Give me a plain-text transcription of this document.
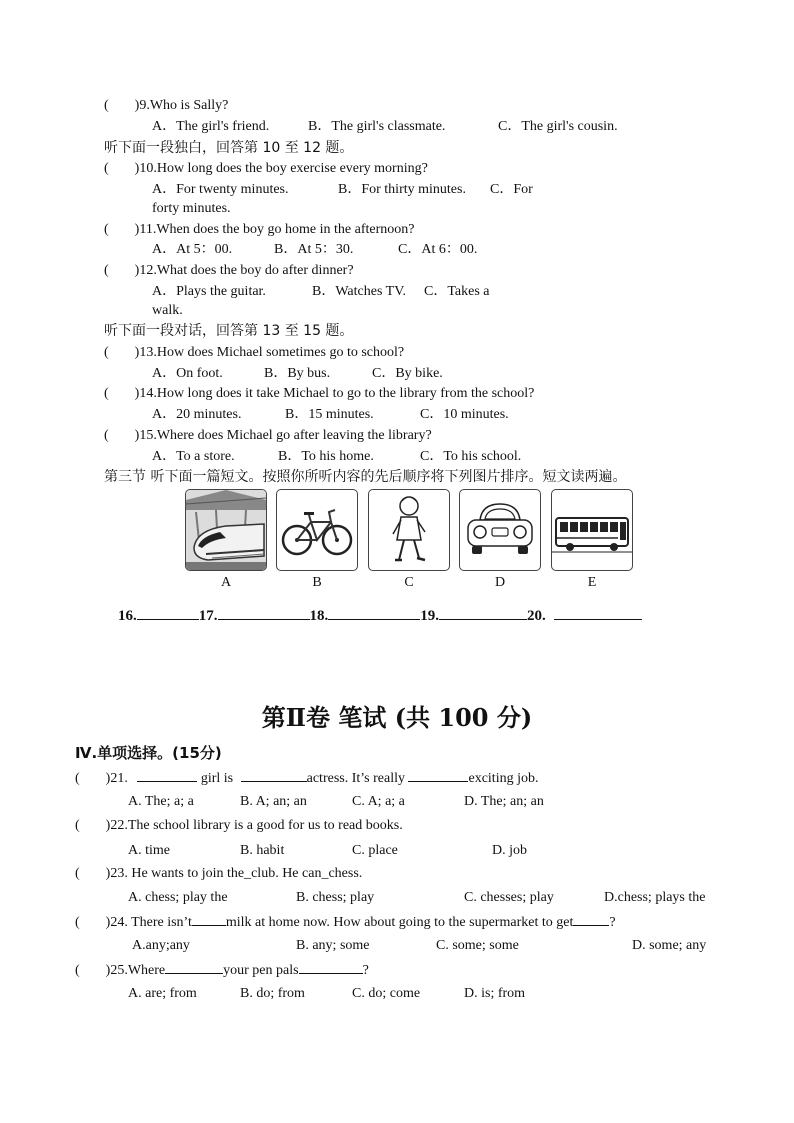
( )9.Who is Sally?
A．The girl's friend.	B．The girl's classmate.	C．The girl's cousin.
听下面一段独白，回答第 10 至 12 题。
( )10.How long does the boy exercise every morning?
A．For twenty minutes.	B．For thirty minutes. C．For
forty minutes.
( )11.When does the boy go home in the afternoon?
A．At 5：00.	B．At 5：30.	C．At 6：00.
( )12.What does the boy do after dinner?
A．Plays the guitar.	B．Watches TV. C．Takes a
walk.
听下面一段对话，回答第 13 至 15 题。
( )13.How does Michael sometimes go to school?
A．On foot.	B．By bus.	C．By bike.
( )14.How long does it take Michael to go to the library from the school?
A．20 minutes.	B．15 minutes.	C．10 minutes.
( )15.Where does Michael go after leaving the library?
A．To a store.	B．To his home.	C．To his school.
第三节 听下面一篇短文。按照你所听内容的先后顺序将下列图片排序。短文读两遍。
A	B	C	D	E
16.	17.	18.	19.	20.
第Ⅱ卷 笔试 (共 100 分)
Ⅳ.单项选择。(15分)
( )21.	girl is	actress. It’s really	exciting job.
A. The; a; a	B. A; an; an	C. A; a; a	D. The; an; an
( )22.The school library is a good for us to read books.
A. time	B. habit	C. place	D. job
( )23. He wants to join the_club. He can_chess.
A. chess; play the	B. chess; play	C. chesses; play	D.chess; plays the
( )24. There isn’t milk at home now. How about going to the supermarket to get	?
A.any;any	B. any; some	C. some; some	D. some; any
( )25.Where	your pen pals	?
A. are; from	B. do; from	C. do; come	D. is; from
